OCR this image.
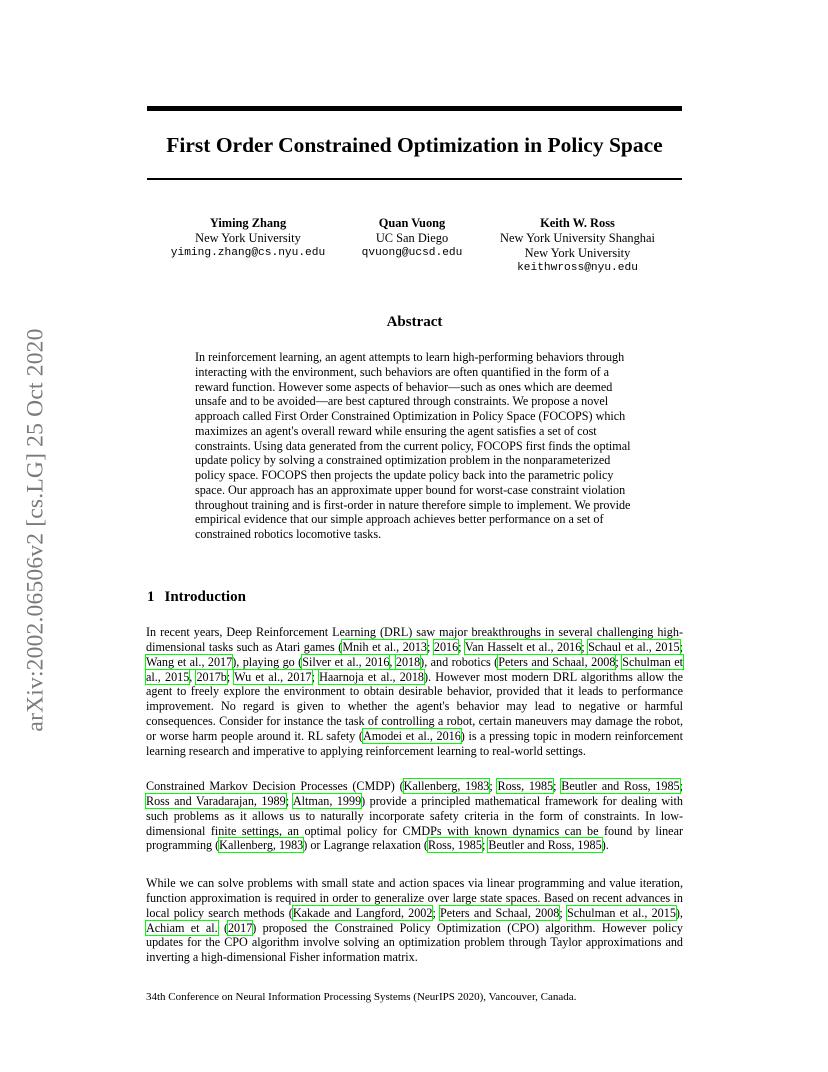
arXiv:2002.06506v2 [cs.LG] 25 Oct 2020
First Order Constrained Optimization in Policy Space
Yiming Zhang
New York University
yiming.zhang@cs.nyu.edu
Quan Vuong
UC San Diego
qvuong@ucsd.edu
Keith W. Ross
New York University Shanghai
New York University
keithwross@nyu.edu
Abstract

In reinforcement learning, an agent attempts to learn high-performing behaviors through interacting with the environment, such behaviors are often quantified in the form of a reward function. However some aspects of behavior—such as ones which are deemed unsafe and to be avoided—are best captured through constraints. We propose a novel approach called First Order Constrained Optimization in Policy Space (FOCOPS) which maximizes an agent's overall reward while ensuring the agent satisfies a set of cost constraints. Using data generated from the current policy, FOCOPS first finds the optimal update policy by solving a constrained optimization problem in the nonparameterized policy space. FOCOPS then projects the update policy back into the parametric policy space. Our approach has an approximate upper bound for worst-case constraint violation throughout training and is first-order in nature therefore simple to implement. We provide empirical evidence that our simple approach achieves better performance on a set of constrained robotics locomotive tasks.

1 Introduction

In recent years, Deep Reinforcement Learning (DRL) saw major breakthroughs in several challenging high-dimensional tasks such as Atari games (Mnih et al., 2013; 2016; Van Hasselt et al., 2016; Schaul et al., 2015; Wang et al., 2017), playing go (Silver et al., 2016, 2018), and robotics (Peters and Schaal, 2008; Schulman et al., 2015, 2017b; Wu et al., 2017; Haarnoja et al., 2018). However most modern DRL algorithms allow the agent to freely explore the environment to obtain desirable behavior, provided that it leads to performance improvement. No regard is given to whether the agent's behavior may lead to negative or harmful consequences. Consider for instance the task of controlling a robot, certain maneuvers may damage the robot, or worse harm people around it. RL safety (Amodei et al., 2016) is a pressing topic in modern reinforcement learning research and imperative to applying reinforcement learning to real-world settings.

Constrained Markov Decision Processes (CMDP) (Kallenberg, 1983; Ross, 1985; Beutler and Ross, 1985; Ross and Varadarajan, 1989; Altman, 1999) provide a principled mathematical framework for dealing with such problems as it allows us to naturally incorporate safety criteria in the form of constraints. In low-dimensional finite settings, an optimal policy for CMDPs with known dynamics can be found by linear programming (Kallenberg, 1983) or Lagrange relaxation (Ross, 1985; Beutler and Ross, 1985).

While we can solve problems with small state and action spaces via linear programming and value iteration, function approximation is required in order to generalize over large state spaces. Based on recent advances in local policy search methods (Kakade and Langford, 2002; Peters and Schaal, 2008; Schulman et al., 2015), Achiam et al. (2017) proposed the Constrained Policy Optimization (CPO) algorithm. However policy updates for the CPO algorithm involve solving an optimization problem through Taylor approximations and inverting a high-dimensional Fisher information matrix.

34th Conference on Neural Information Processing Systems (NeurIPS 2020), Vancouver, Canada.
